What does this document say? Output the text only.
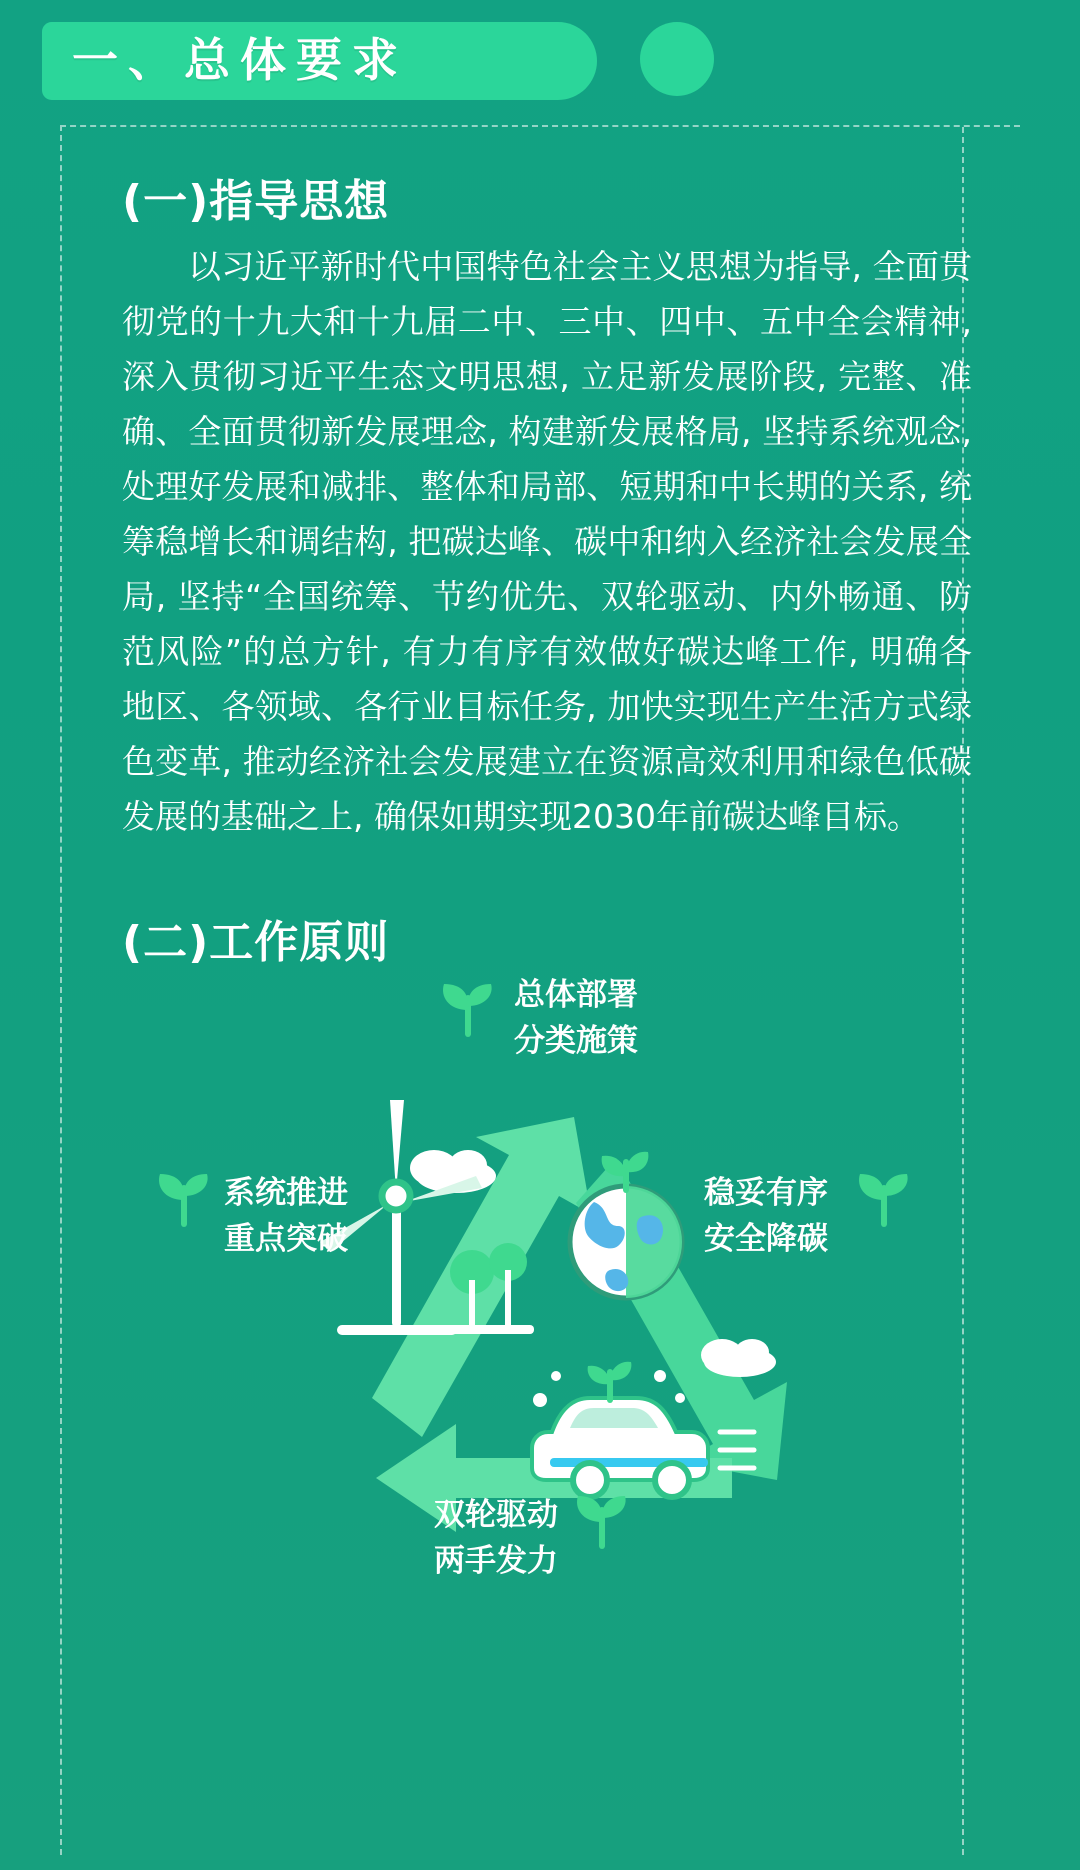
一、总体要求
(一)指导思想
以习近平新时代中国特色社会主义思想为指导, 全面贯彻党的十九大和十九届二中、三中、四中、五中全会精神, 深入贯彻习近平生态文明思想, 立足新发展阶段, 完整、准确、全面贯彻新发展理念, 构建新发展格局, 坚持系统观念, 处理好发展和减排、整体和局部、短期和中长期的关系, 统筹稳增长和调结构, 把碳达峰、碳中和纳入经济社会发展全局, 坚持“全国统筹、节约优先、双轮驱动、内外畅通、防范风险”的总方针, 有力有序有效做好碳达峰工作, 明确各地区、各领域、各行业目标任务, 加快实现生产生活方式绿色变革, 推动经济社会发展建立在资源高效利用和绿色低碳发展的基础之上, 确保如期实现2030年前碳达峰目标。
(二)工作原则
总体部署
分类施策
系统推进
重点突破
稳妥有序
安全降碳
双轮驱动
两手发力
